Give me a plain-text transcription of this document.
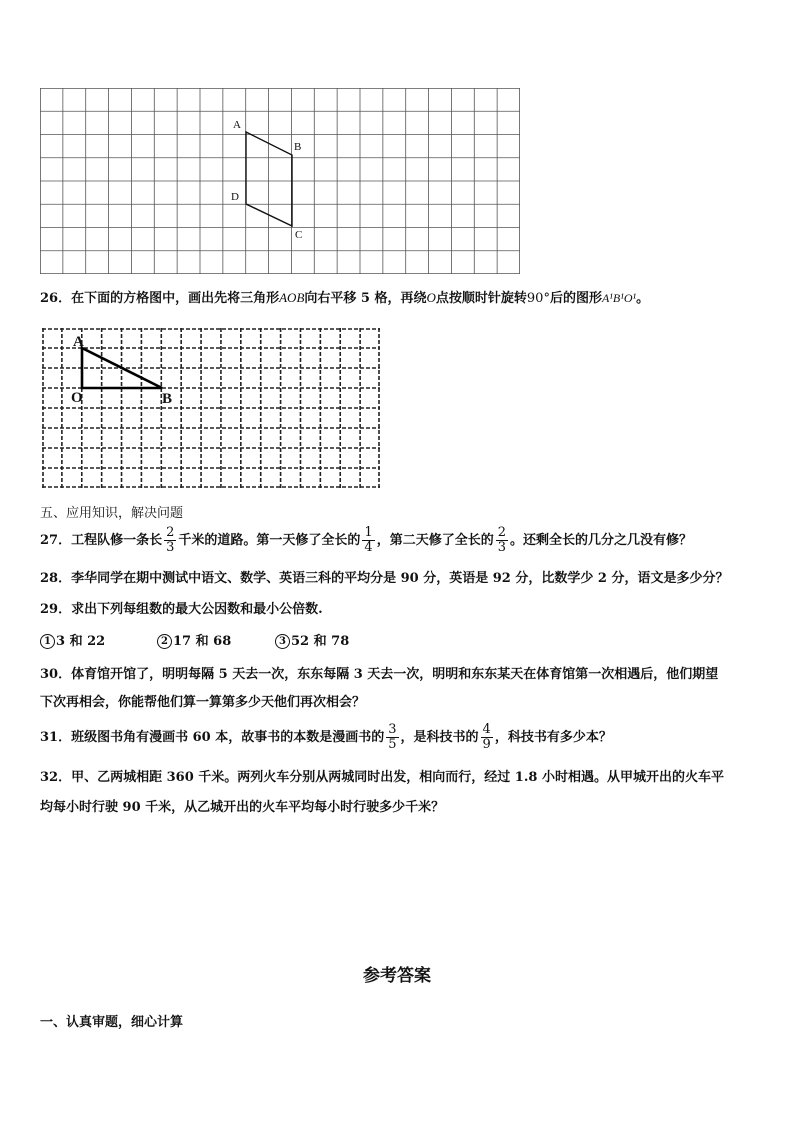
A
B
D
C
26．在下面的方格图中，画出先将三角形AOB向右平移 5 格，再绕O点按顺时针旋转90°后的图形A¹B¹O¹。
A
O	B
五、应用知识，解决问题
27．工程队修一条长 $\frac{2}{3}$ 千米的道路。第一天修了全长的 $\frac{1}{4}$ ，第二天修了全长的 $\frac{2}{3}$ 。还剩全长的几分之几没有修？
28．李华同学在期中测试中语文、数学、英语三科的平均分是 90 分，英语是 92 分，比数学少 2 分，语文是多少分？
29．求出下列每组数的最大公因数和最小公倍数.
1 3 和 22	2 17 和 68	3 52 和 78
30．体育馆开馆了，明明每隔 5 天去一次，东东每隔 3 天去一次，明明和东东某天在体育馆第一次相遇后，他们期望
下次再相会，你能帮他们算一算第多少天他们再次相会？
31．班级图书角有漫画书 60 本，故事书的本数是漫画书的 $\frac{3}{5}$ ，是科技书的 $\frac{4}{9}$ ，科技书有多少本？
32．甲、乙两城相距 360 千米。两列火车分别从两城同时出发，相向而行，经过 1.8 小时相遇。从甲城开出的火车平
均每小时行驶 90 千米，从乙城开出的火车平均每小时行驶多少千米？
参考答案
一、认真审题，细心计算
